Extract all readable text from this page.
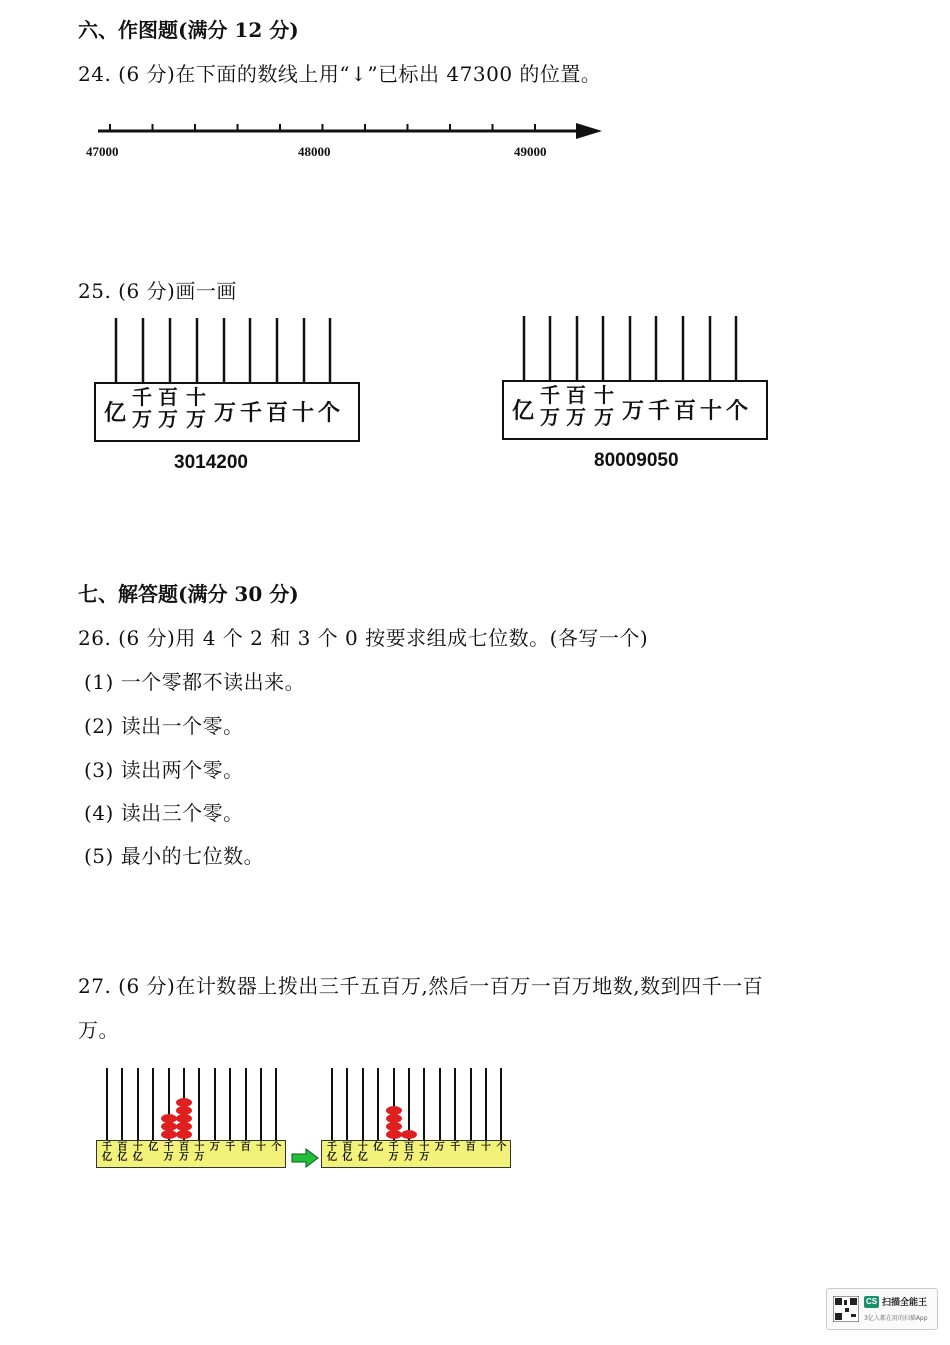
六、作图题(满分 12 分)
24. (6 分)在下面的数线上用“↓”已标出 47300 的位置。
47000	48000	49000
25. (6 分)画一画
亿
千
万
百
万
十
万 万千百十个
3014200
亿
千
万
百
万
十
万 万千百十个
80009050
七、解答题(满分 30 分)
26. (6 分)用 4 个 2 和 3 个 0 按要求组成七位数。(各写一个)
(1) 一个零都不读出来。
(2) 读出一个零。
(3) 读出两个零。
(4) 读出三个零。
(5) 最小的七位数。
27. (6 分)在计数器上拨出三千五百万,然后一百万一百万地数,数到四千一百
万。
千亿
百亿
十亿
亿 千万
百万
十万
万 千 百 十 个	千亿
百亿
十亿
亿 千万
百万
十万
万 千 百 十 个
CS 扫描全能王
3亿人都在用的扫描App
